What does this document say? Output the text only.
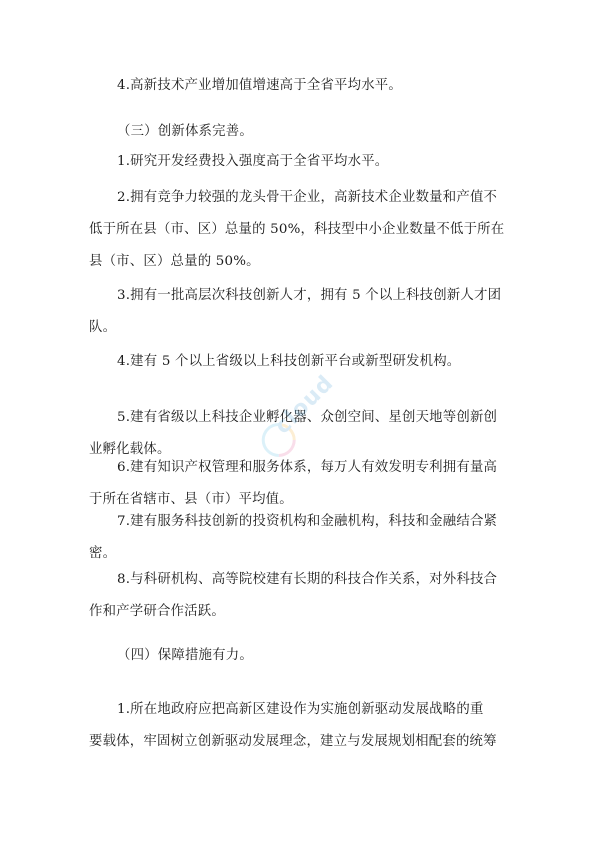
4.高新技术产业增加值增速高于全省平均水平。
（三）创新体系完善。
1.研究开发经费投入强度高于全省平均水平。
2.拥有竞争力较强的龙头骨干企业，高新技术企业数量和产值不
低于所在县（市、区）总量的 50%，科技型中小企业数量不低于所在
县（市、区）总量的 50%。
3.拥有一批高层次科技创新人才，拥有 5 个以上科技创新人才团
队。
4.建有 5 个以上省级以上科技创新平台或新型研发机构。
5.建有省级以上科技企业孵化器、众创空间、星创天地等创新创
业孵化载体。
6.建有知识产权管理和服务体系，每万人有效发明专利拥有量高
于所在省辖市、县（市）平均值。
7.建有服务科技创新的投资机构和金融机构，科技和金融结合紧
密。
8.与科研机构、高等院校建有长期的科技合作关系，对外科技合
作和产学研合作活跃。
（四）保障措施有力。
1.所在地政府应把高新区建设作为实施创新驱动发展战略的重
要载体，牢固树立创新驱动发展理念，建立与发展规划相配套的统筹
cloud
